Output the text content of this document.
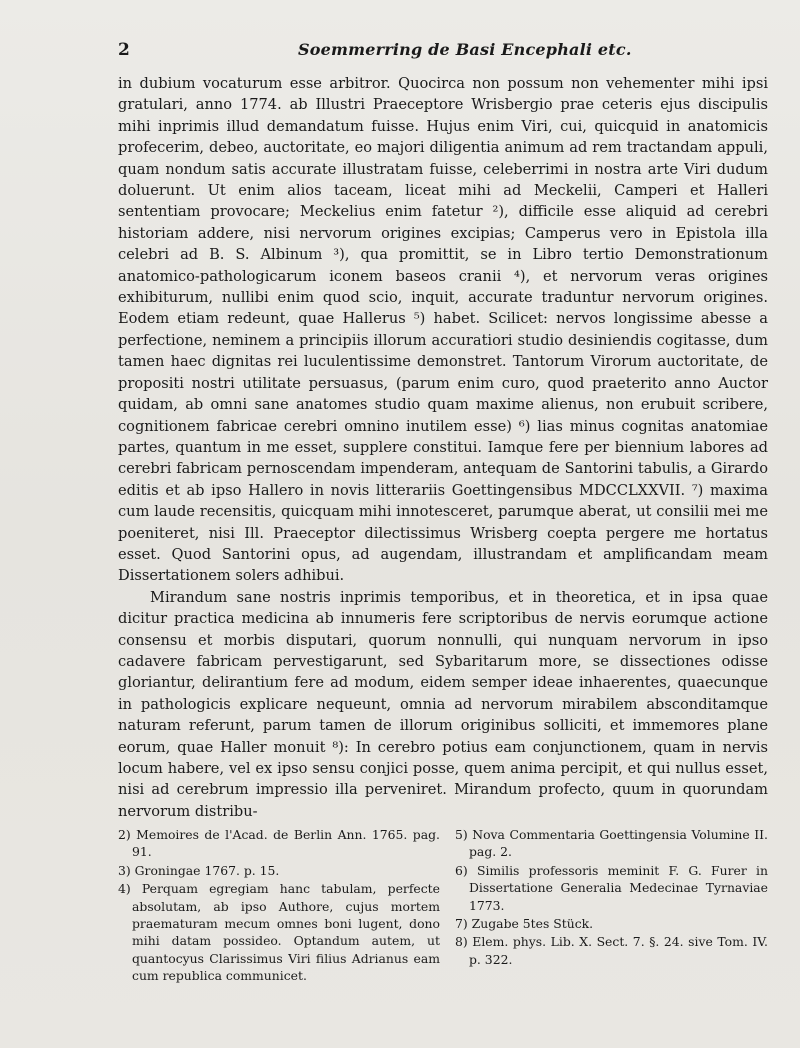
2	Soemmerring de Basi Encephali etc.

in dubium vocaturum esse arbitror. Quocirca non possum non vehementer mihi ipsi gratulari, anno 1774. ab Illustri Praeceptore Wrisbergio prae ceteris ejus discipulis mihi inprimis illud demandatum fuisse. Hujus enim Viri, cui, quicquid in anatomicis profecerim, debeo, auctoritate, eo majori diligentia animum ad rem tractandam appuli, quam nondum satis accurate illustratam fuisse, celeberrimi in nostra arte Viri dudum doluerunt. Ut enim alios taceam, liceat mihi ad Meckelii, Camperi et Halleri sententiam provocare; Meckelius enim fatetur ²), difficile esse aliquid ad cerebri historiam addere, nisi nervorum origines excipias; Camperus vero in Epistola illa celebri ad B. S. Albinum ³), qua promittit, se in Libro tertio Demonstrationum anatomico-pathologicarum iconem baseos cranii ⁴), et nervorum veras origines exhibiturum, nullibi enim quod scio, inquit, accurate traduntur nervorum origines. Eodem etiam redeunt, quae Hallerus ⁵) habet. Scilicet: nervos longissime abesse a perfectione, neminem a principiis illorum accuratiori studio desiniendis cogitasse, dum tamen haec dignitas rei luculentissime demonstret. Tantorum Virorum auctoritate, de propositi nostri utilitate persuasus, (parum enim curo, quod praeterito anno Auctor quidam, ab omni sane anatomes studio quam maxime alienus, non erubuit scribere, cognitionem fabricae cerebri omnino inutilem esse) ⁶) lias minus cognitas anatomiae partes, quantum in me esset, supplere constitui. Iamque fere per biennium labores ad cerebri fabricam pernoscendam impenderam, antequam de Santorini tabulis, a Girardo editis et ab ipso Hallero in novis litterariis Goettingensibus MDCCLXXVII. ⁷) maxima cum laude recensitis, quicquam mihi innotesceret, parumque aberat, ut consilii mei me poeniteret, nisi Ill. Praeceptor dilectissimus Wrisberg coepta pergere me hortatus esset. Quod Santorini opus, ad augendam, illustrandam et amplificandam meam Dissertationem solers adhibui.

Mirandum sane nostris inprimis temporibus, et in theoretica, et in ipsa quae dicitur practica medicina ab innumeris fere scriptoribus de nervis eorumque actione consensu et morbis disputari, quorum nonnulli, qui nunquam nervorum in ipso cadavere fabricam pervestigarunt, sed Sybaritarum more, se dissectiones odisse gloriantur, delirantium fere ad modum, eidem semper ideae inhaerentes, quaecunque in pathologicis explicare nequeunt, omnia ad nervorum mirabilem absconditamque naturam referunt, parum tamen de illorum originibus solliciti, et immemores plane eorum, quae Haller monuit ⁸): In cerebro potius eam conjunctionem, quam in nervis locum habere, vel ex ipso sensu conjici posse, quem anima percipit, et qui nullus esset, nisi ad cerebrum impressio illa perveniret. Mirandum profecto, quum in quorundam nervorum distribu-

2) Memoires de l'Acad. de Berlin Ann. 1765. pag. 91.

3) Groningae 1767. p. 15.

4) Perquam egregiam hanc tabulam, perfecte absolutam, ab ipso Authore, cujus mortem praematuram mecum omnes boni lugent, dono mihi datam possideo. Optandum autem, ut quantocyus Clarissimus Viri filius Adrianus eam cum republica communicet.

5) Nova Commentaria Goettingensia Volumine II. pag. 2.

6) Similis professoris meminit F. G. Furer in Dissertatione Generalia Medecinae Tyrnaviae 1773.

7) Zugabe 5tes Stück.

8) Elem. phys. Lib. X. Sect. 7. §. 24. sive Tom. IV. p. 322.
